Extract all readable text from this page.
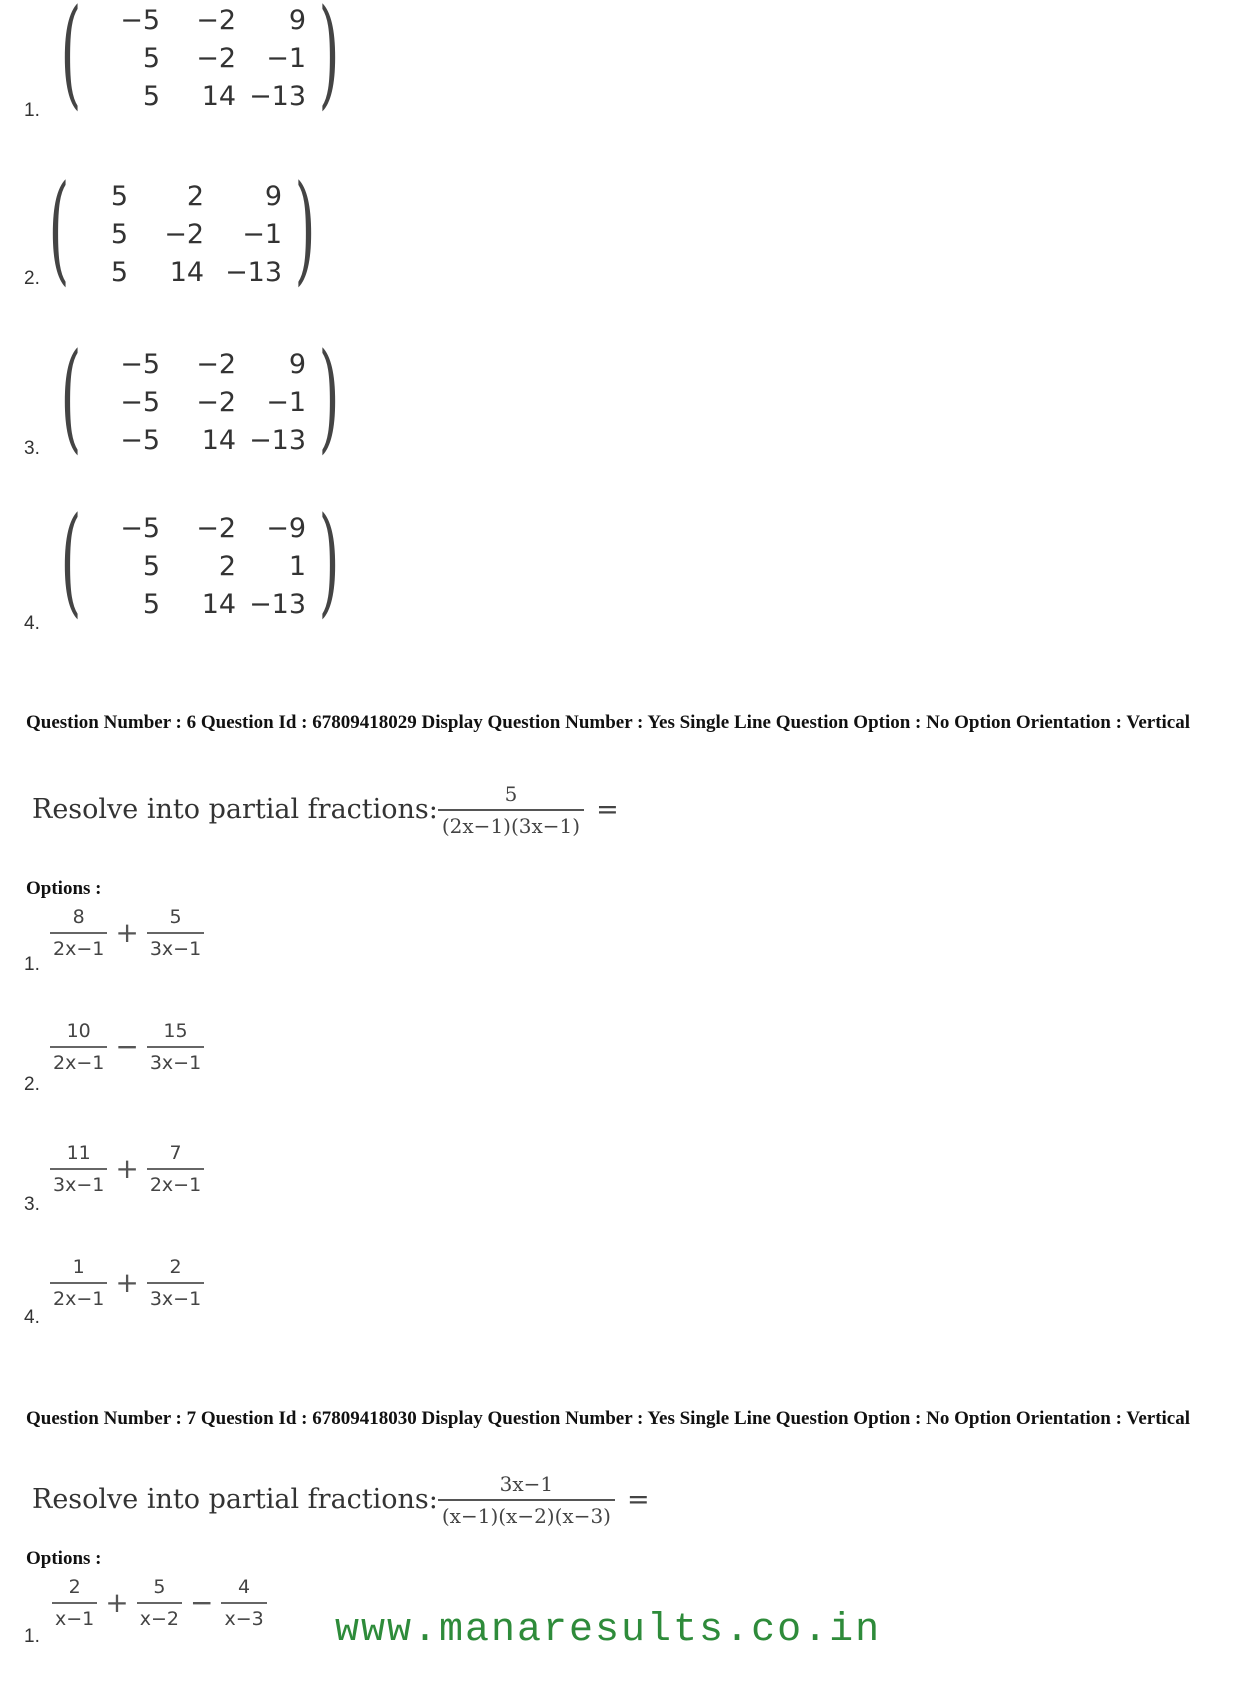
1. (	−5	−2	9
5	−2	−1
5	14 −13 )
2. (	5	2	9
5	−2	−1
5	14 −13 )
3. (	−5	−2	9
−5	−2	−1
−5	14 −13 )
4. (	−5	−2	−9
5	2	1
5	14 −13 )
Question Number : 6 Question Id : 67809418029 Display Question Number : Yes Single Line Question Option : No Option Orientation : Vertical
Resolve into partial fractions: $\frac{5}{(2x-1)(3x-1)}$ =
Options :
1.
$\frac{8}{2x-1} + \frac{5}{3x-1}$
2.
$\frac{10}{2x-1} - \frac{15}{3x-1}$
3.
$\frac{11}{3x-1} + \frac{7}{2x-1}$
4.
$\frac{1}{2x-1} + \frac{2}{3x-1}$
Question Number : 7 Question Id : 67809418030 Display Question Number : Yes Single Line Question Option : No Option Orientation : Vertical
Resolve into partial fractions: $\frac{3x-1}{(x-1)(x-2)(x-3)}$ =
Options :
1.
$\frac{2}{x-1} + \frac{5}{x-2} - \frac{4}{x-3}$
www.manaresults.co.in
